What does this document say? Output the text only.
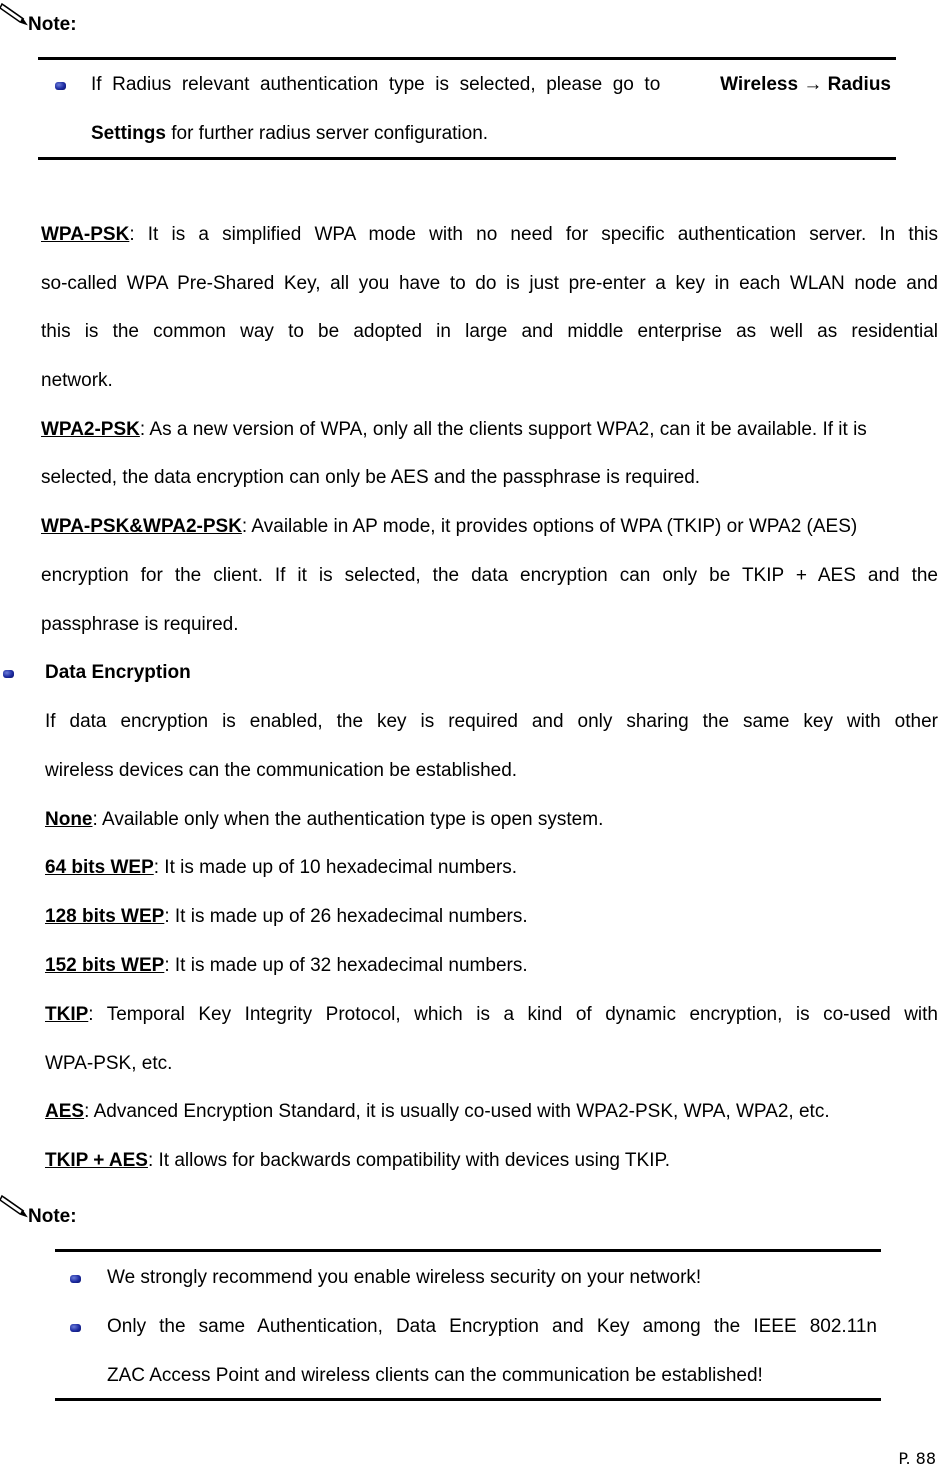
Note:
If  Radius  relevant  authentication  type  is  selected,  please  go  to	Wireless → Radius
Settings for further radius server configuration.
WPA-PSK :  It  is  a  simplified  WPA  mode  with  no  need  for  specific  authentication  server.  In  this
so-called WPA Pre-Shared Key, all you have to do is just pre-enter a key in each WLAN node and
this is the common way to be adopted in large and middle enterprise as well as residential
network.
WPA2-PSK : As a new version of WPA, only all the clients support WPA2, can it be available. If it is
selected, the data encryption can only be AES and the passphrase is required.
WPA-PSK&WPA2-PSK : Available in AP mode, it provides options of WPA (TKIP) or WPA2 (AES)
encryption for the client. If it is selected, the data encryption can only be TKIP + AES and the
passphrase is required.
Data Encryption
If data encryption is enabled, the key is required and only sharing the same key with other
wireless devices can the communication be established.
None: Available only when the authentication type is open system.
64 bits WEP: It is made up of 10 hexadecimal numbers.
128 bits WEP: It is made up of 26 hexadecimal numbers.
152 bits WEP: It is made up of 32 hexadecimal numbers.
TKIP :  Temporal  Key  Integrity  Protocol,  which  is  a  kind  of  dynamic  encryption,  is  co-used  with
WPA-PSK, etc.
AES: Advanced Encryption Standard, it is usually co-used with WPA2-PSK, WPA, WPA2, etc.
TKIP + AES: It allows for backwards compatibility with devices using TKIP.
Note:
We strongly recommend you enable wireless security on your network!
Only the same Authentication, Data Encryption and Key among the IEEE 802.11n
ZAC Access Point and wireless clients can the communication be established!
P. 88
